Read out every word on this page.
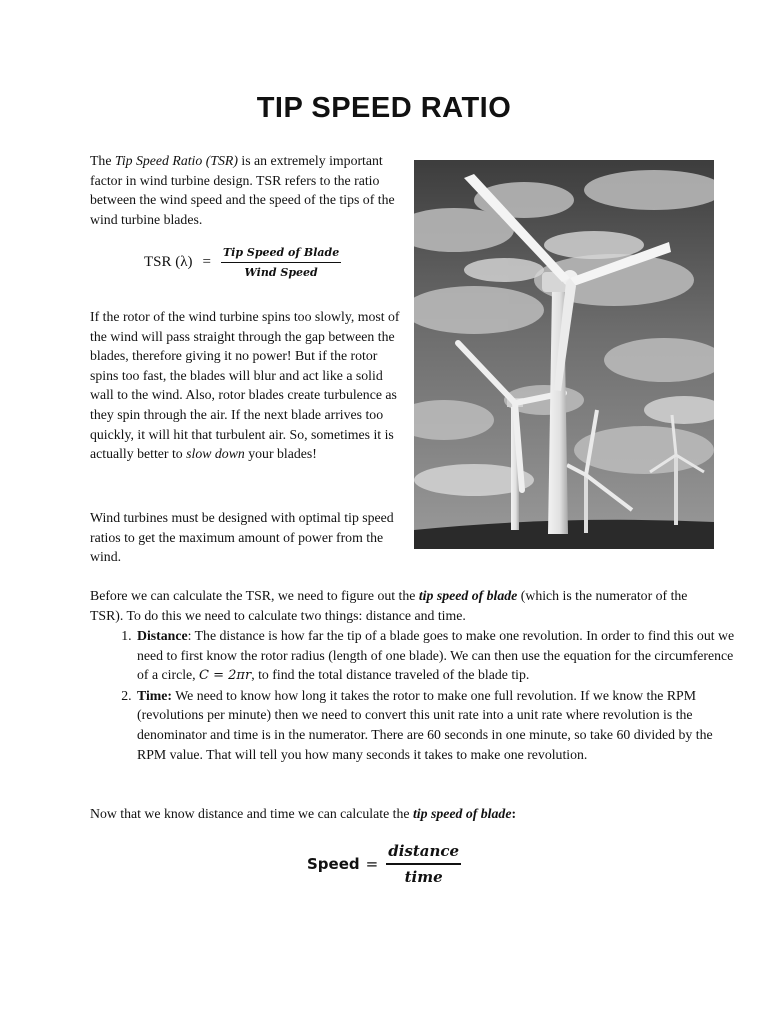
TIP SPEED RATIO

The Tip Speed Ratio (TSR) is an extremely important factor in wind turbine design. TSR refers to the ratio between the wind speed and the speed of the tips of the wind turbine blades.

TSR $(\lambda) = \frac{\text{Tip Speed of Blade}}{\text{Wind Speed}}$

If the rotor of the wind turbine spins too slowly, most of the wind will pass straight through the gap between the blades, therefore giving it no power! But if the rotor spins too fast, the blades will blur and act like a solid wall to the wind. Also, rotor blades create turbulence as they spin through the air. If the next blade arrives too quickly, it will hit that turbulent air. So, sometimes it is actually better to slow down your blades!

Wind turbines must be designed with optimal tip speed ratios to get the maximum amount of power from the wind.

Before we can calculate the TSR, we need to figure out the tip speed of blade (which is the numerator of the TSR). To do this we need to calculate two things: distance and time.

1. Distance: The distance is how far the tip of a blade goes to make one revolution. In order to find this out we need to first know the rotor radius (length of one blade). We can then use the equation for the circumference of a circle, C = 2πr, to find the total distance traveled of the blade tip.
2. Time: We need to know how long it takes the rotor to make one full revolution. If we know the RPM (revolutions per minute) then we need to convert this unit rate into a unit rate where revolution is the denominator and time is in the numerator. There are 60 seconds in one minute, so take 60 divided by the RPM value. That will tell you how many seconds it takes to make one revolution.

Now that we know distance and time we can calculate the tip speed of blade:

Speed = $\frac{\text{distance}}{\text{time}}$
